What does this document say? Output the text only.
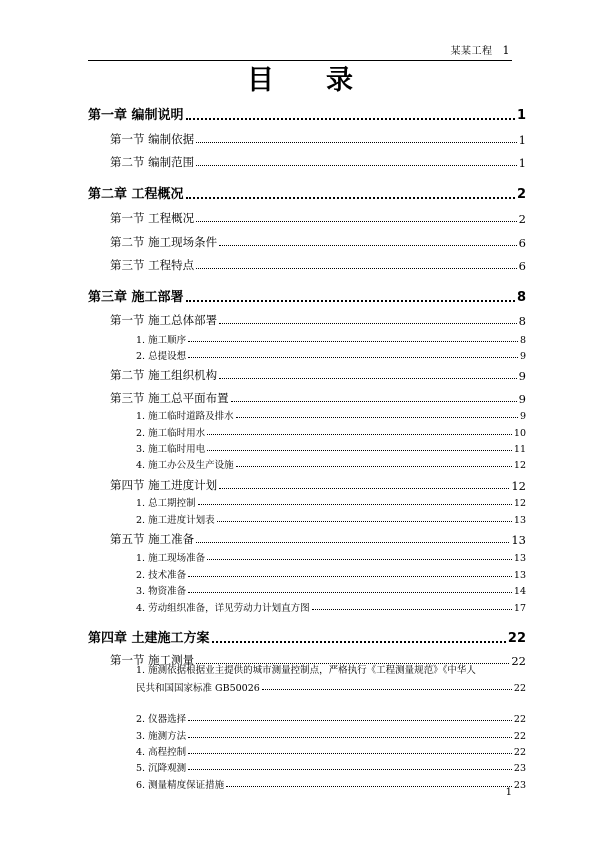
某某工程 1
目 录
第一章 编制说明	1
第一节 编制依据	1
第二节 编制范围	1
第二章 工程概况	2
第一节 工程概况	2
第二节 施工现场条件	6
第三节 工程特点	6
第三章 施工部署	8
第一节 施工总体部署	8
1. 施工顺序	8
2. 总提设想	9
第二节 施工组织机构	9
第三节 施工总平面布置	9
1. 施工临时道路及排水	9
2. 施工临时用水	10
3. 施工临时用电	11
4. 施工办公及生产设施	12
第四节 施工进度计划	12
1. 总工期控制	12
2. 施工进度计划表	13
第五节 施工准备	13
1. 施工现场准备	13
2. 技术准备	13
3. 物资准备	14
4. 劳动组织准备，详见劳动力计划直方图	17
第四章 土建施工方案	22
第一节 施工测量	22
1. 施测依据根据业主提供的城市测量控制点，严格执行《工程测量规范》《中华人
民共和国国家标准 GB50026	22
2. 仪器选择	22
3. 施测方法	22
4. 高程控制	22
5. 沉降观测	23
6. 测量精度保证措施	23
1
